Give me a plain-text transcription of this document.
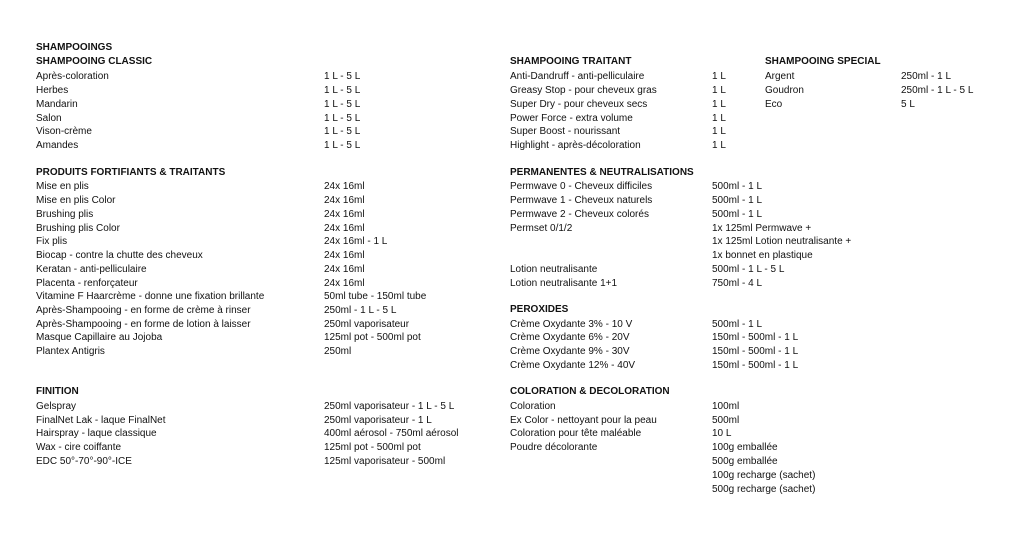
SHAMPOOINGS
SHAMPOOING CLASSIC
Après-coloration	1 L - 5 L
Herbes	1 L - 5 L
Mandarin	1 L - 5 L
Salon	1 L - 5 L
Vison-crème	1 L - 5 L
Amandes	1 L - 5 L
PRODUITS FORTIFIANTS & TRAITANTS
Mise en plis	24x 16ml
Mise en plis Color	24x 16ml
Brushing plis	24x 16ml
Brushing plis Color	24x 16ml
Fix plis	24x 16ml - 1 L
Biocap - contre la chutte des cheveux	24x 16ml
Keratan - anti-pelliculaire	24x 16ml
Placenta - renforçateur	24x 16ml
Vitamine F Haarcrème - donne une fixation brillante	50ml tube - 150ml tube
Après-Shampooing - en forme de crème à rinser	250ml - 1 L - 5 L
Après-Shampooing - en forme de lotion à laisser	250ml vaporisateur
Masque Capillaire au Jojoba	125ml pot - 500ml pot
Plantex Antigris	250ml
FINITION
Gelspray	250ml vaporisateur - 1 L - 5 L
FinalNet Lak - laque FinalNet	250ml vaporisateur - 1 L
Hairspray - laque classique	400ml aérosol - 750ml aérosol
Wax - cire coiffante	125ml pot - 500ml pot
EDC 50°-70°-90°-ICE	125ml vaporisateur - 500ml
SHAMPOOING TRAITANT
Anti-Dandruff - anti-pelliculaire	1 L
Greasy Stop - pour cheveux gras	1 L
Super Dry - pour cheveux secs	1 L
Power Force - extra volume	1 L
Super Boost - nourissant	1 L
Highlight - après-décoloration	1 L
PERMANENTES & NEUTRALISATIONS
Permwave 0 - Cheveux difficiles	500ml - 1 L
Permwave 1 - Cheveux naturels	500ml - 1 L
Permwave 2 - Cheveux colorés	500ml - 1 L
Permset 0/1/2	1x 125ml Permwave +
1x 125ml Lotion neutralisante +
1x bonnet en plastique
Lotion neutralisante	500ml - 1 L - 5 L
Lotion neutralisante 1+1	750ml - 4 L
PEROXIDES
Crème Oxydante 3% - 10 V	500ml - 1 L
Crème Oxydante 6% - 20V	150ml - 500ml - 1 L
Crème Oxydante 9% - 30V	150ml - 500ml - 1 L
Crème Oxydante 12% - 40V	150ml - 500ml - 1 L
COLORATION & DECOLORATION
Coloration	100ml
Ex Color - nettoyant pour la peau	500ml
Coloration pour tête maléable	10 L
Poudre décolorante	100g emballée
500g emballée
100g recharge (sachet)
500g recharge (sachet)
SHAMPOOING SPECIAL
Argent	250ml - 1 L
Goudron	250ml - 1 L - 5 L
Eco	5 L
